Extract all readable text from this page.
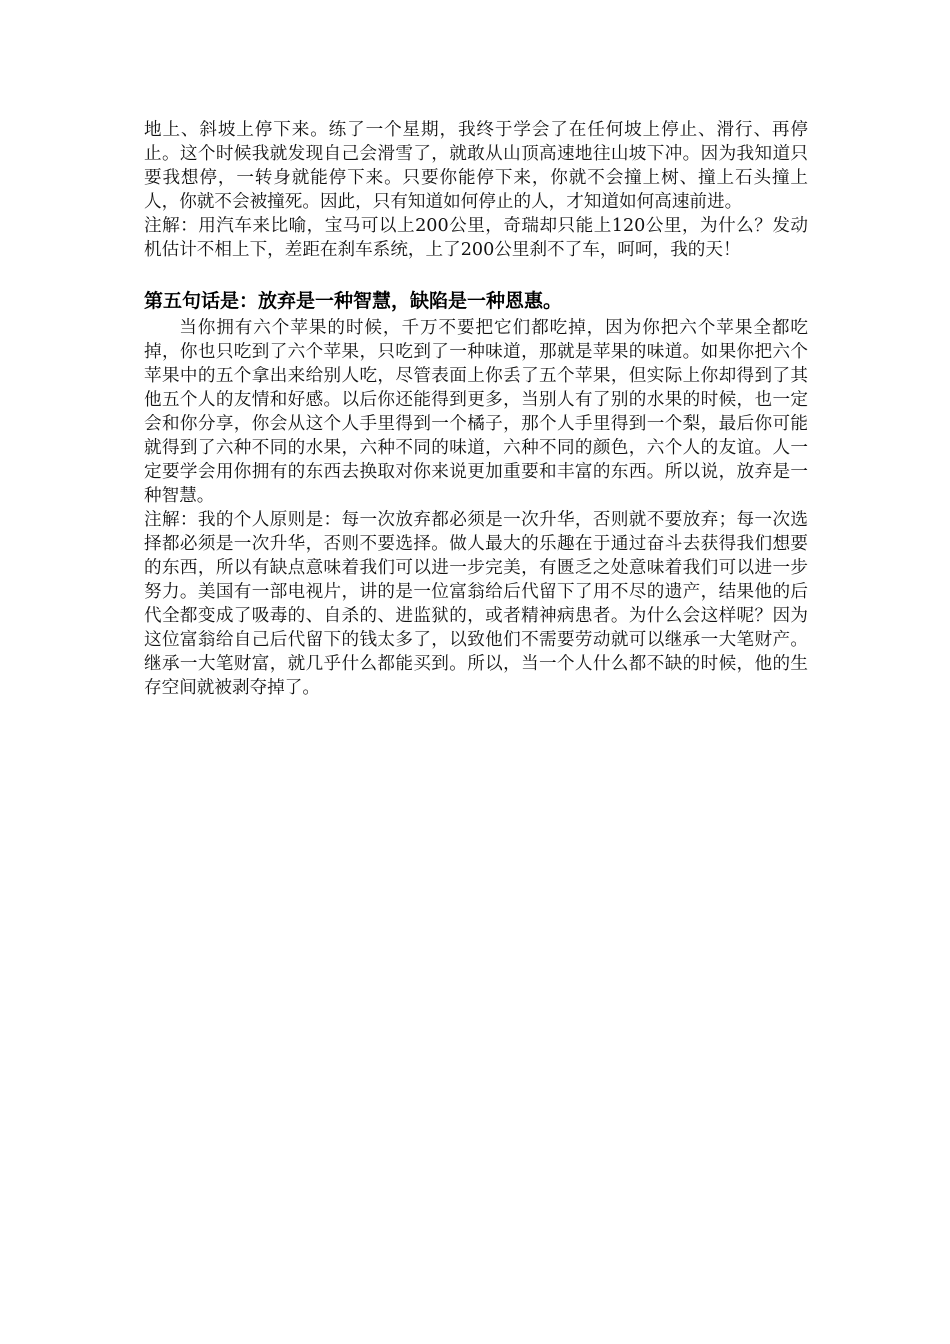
地上、斜坡上停下来。练了一个星期，我终于学会了在任何坡上停止、滑行、再停止。这个时候我就发现自己会滑雪了，就敢从山顶高速地往山坡下冲。因为我知道只要我想停，一转身就能停下来。只要你能停下来，你就不会撞上树、撞上石头撞上人，你就不会被撞死。因此，只有知道如何停止的人，才知道如何高速前进。

注解：用汽车来比喻，宝马可以上200公里，奇瑞却只能上120公里，为什么？发动机估计不相上下，差距在刹车系统，上了200公里刹不了车，呵呵，我的天！

第五句话是：放弃是一种智慧，缺陷是一种恩惠。

当你拥有六个苹果的时候，千万不要把它们都吃掉，因为你把六个苹果全都吃掉，你也只吃到了六个苹果，只吃到了一种味道，那就是苹果的味道。如果你把六个苹果中的五个拿出来给别人吃，尽管表面上你丢了五个苹果，但实际上你却得到了其他五个人的友情和好感。以后你还能得到更多，当别人有了别的水果的时候，也一定会和你分享，你会从这个人手里得到一个橘子，那个人手里得到一个梨，最后你可能就得到了六种不同的水果，六种不同的味道，六种不同的颜色，六个人的友谊。人一定要学会用你拥有的东西去换取对你来说更加重要和丰富的东西。所以说，放弃是一种智慧。

注解：我的个人原则是：每一次放弃都必须是一次升华，否则就不要放弃；每一次选择都必须是一次升华，否则不要选择。做人最大的乐趣在于通过奋斗去获得我们想要的东西，所以有缺点意味着我们可以进一步完美，有匮乏之处意味着我们可以进一步努力。美国有一部电视片，讲的是一位富翁给后代留下了用不尽的遗产，结果他的后代全都变成了吸毒的、自杀的、进监狱的，或者精神病患者。为什么会这样呢？因为这位富翁给自己后代留下的钱太多了，以致他们不需要劳动就可以继承一大笔财产。继承一大笔财富，就几乎什么都能买到。所以，当一个人什么都不缺的时候，他的生存空间就被剥夺掉了。
